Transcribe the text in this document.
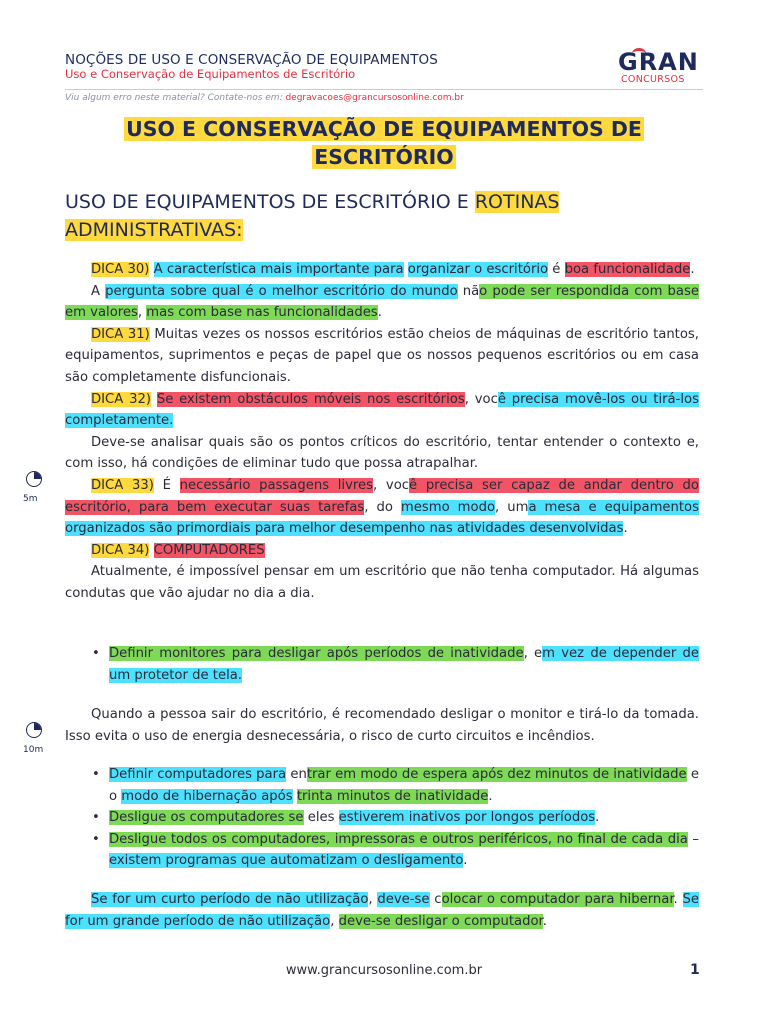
NOÇÕES DE USO E CONSERVAÇÃO DE EQUIPAMENTOS
Uso e Conservação de Equipamentos de Escritório	GRAN
CONCURSOS
Viu algum erro neste material? Contate-nos em: degravacoes@grancursosonline.com.br
USO E CONSERVAÇÃO DE EQUIPAMENTOS DE
ESCRITÓRIO
USO DE EQUIPAMENTOS DE ESCRITÓRIO E ROTINAS
ADMINISTRATIVAS:

DICA 30) A característica mais importante para organizar o escritório é boa funcionalidade.

A pergunta sobre qual é o melhor escritório do mundo não pode ser respondida com base em valores, mas com base nas funcionalidades.

DICA 31) Muitas vezes os nossos escritórios estão cheios de máquinas de escritório tantos, equipamentos, suprimentos e peças de papel que os nossos pequenos escritórios ou em casa são completamente disfuncionais.

DICA 32) Se existem obstáculos móveis nos escritórios, você precisa movê-los ou tirá-los completamente.

Deve-se analisar quais são os pontos críticos do escritório, tentar entender o contexto e, com isso, há condições de eliminar tudo que possa atrapalhar.

DICA 33) É necessário passagens livres, você precisa ser capaz de andar dentro do escritório, para bem executar suas tarefas, do mesmo modo, uma mesa e equipamentos organizados são primordiais para melhor desempenho nas atividades desenvolvidas.

DICA 34) COMPUTADORES

Atualmente, é impossível pensar em um escritório que não tenha computador. Há algumas condutas que vão ajudar no dia a dia.

• Definir monitores para desligar após períodos de inatividade, em vez de depender de um protetor de tela.

Quando a pessoa sair do escritório, é recomendado desligar o monitor e tirá-lo da tomada. Isso evita o uso de energia desnecessária, o risco de curto circuitos e incêndios.

• Definir computadores para entrar em modo de espera após dez minutos de inatividade e o modo de hibernação após trinta minutos de inatividade.
• Desligue os computadores se eles estiverem inativos por longos períodos.
• Desligue todos os computadores, impressoras e outros periféricos, no final de cada dia – existem programas que automatizam o desligamento.

Se for um curto período de não utilização, deve-se colocar o computador para hibernar. Se for um grande período de não utilização, deve-se desligar o computador.

5m
10m
www.grancursosonline.com.br	1
